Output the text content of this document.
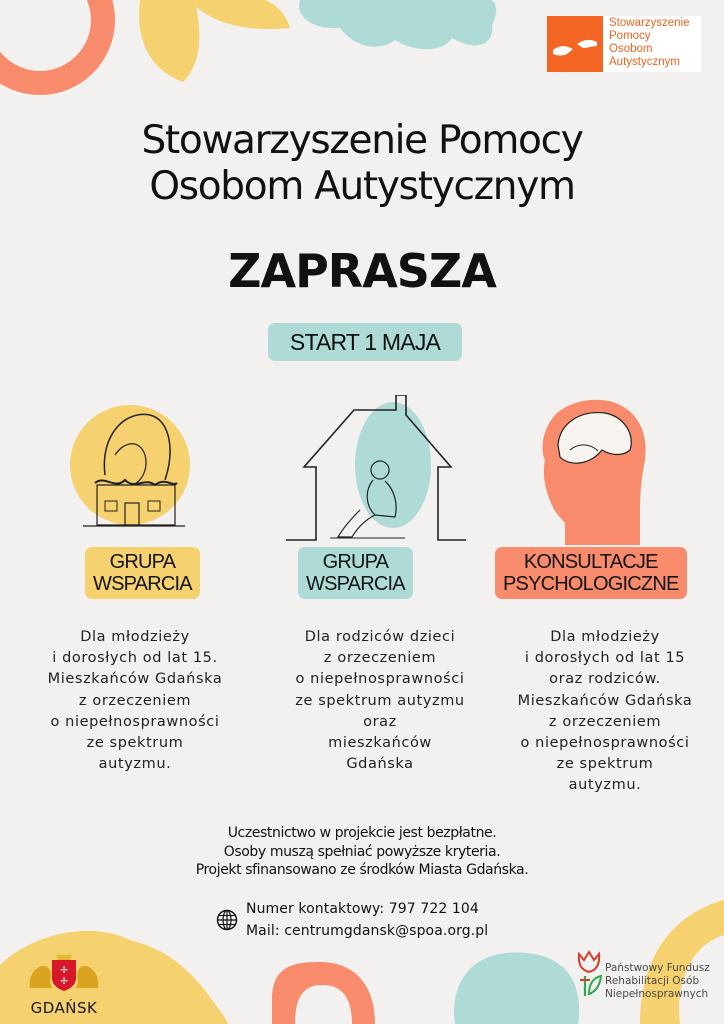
Stowarzyszenie
Pomocy
Osobom
Autystycznym
Stowarzyszenie Pomocy
Osobom Autystycznym
ZAPRASZA
START 1 MAJA
GRUPA
WSPARCIA
Dla młodzieży
i dorosłych od lat 15.
Mieszkańców Gdańska
z orzeczeniem
o niepełnosprawności
ze spektrum
autyzmu.
GRUPA
WSPARCIA
Dla rodziców dzieci
z orzeczeniem
o niepełnosprawności
ze spektrum autyzmu
oraz
mieszkańców
Gdańska
KONSULTACJE
PSYCHOLOGICZNE
Dla młodzieży
i dorosłych od lat 15
oraz rodziców.
Mieszkańców Gdańska
z orzeczeniem
o niepełnosprawności
ze spektrum
autyzmu.
Uczestnictwo w projekcie jest bezpłatne.
Osoby muszą spełniać powyższe kryteria.
Projekt sfinansowano ze środków Miasta Gdańska.
Numer kontaktowy: 797 722 104
Mail: centrumgdansk@spoa.org.pl
✢
✢
GDAŃSK
Państwowy Fundusz
Rehabilitacji Osób
Niepełnosprawnych
